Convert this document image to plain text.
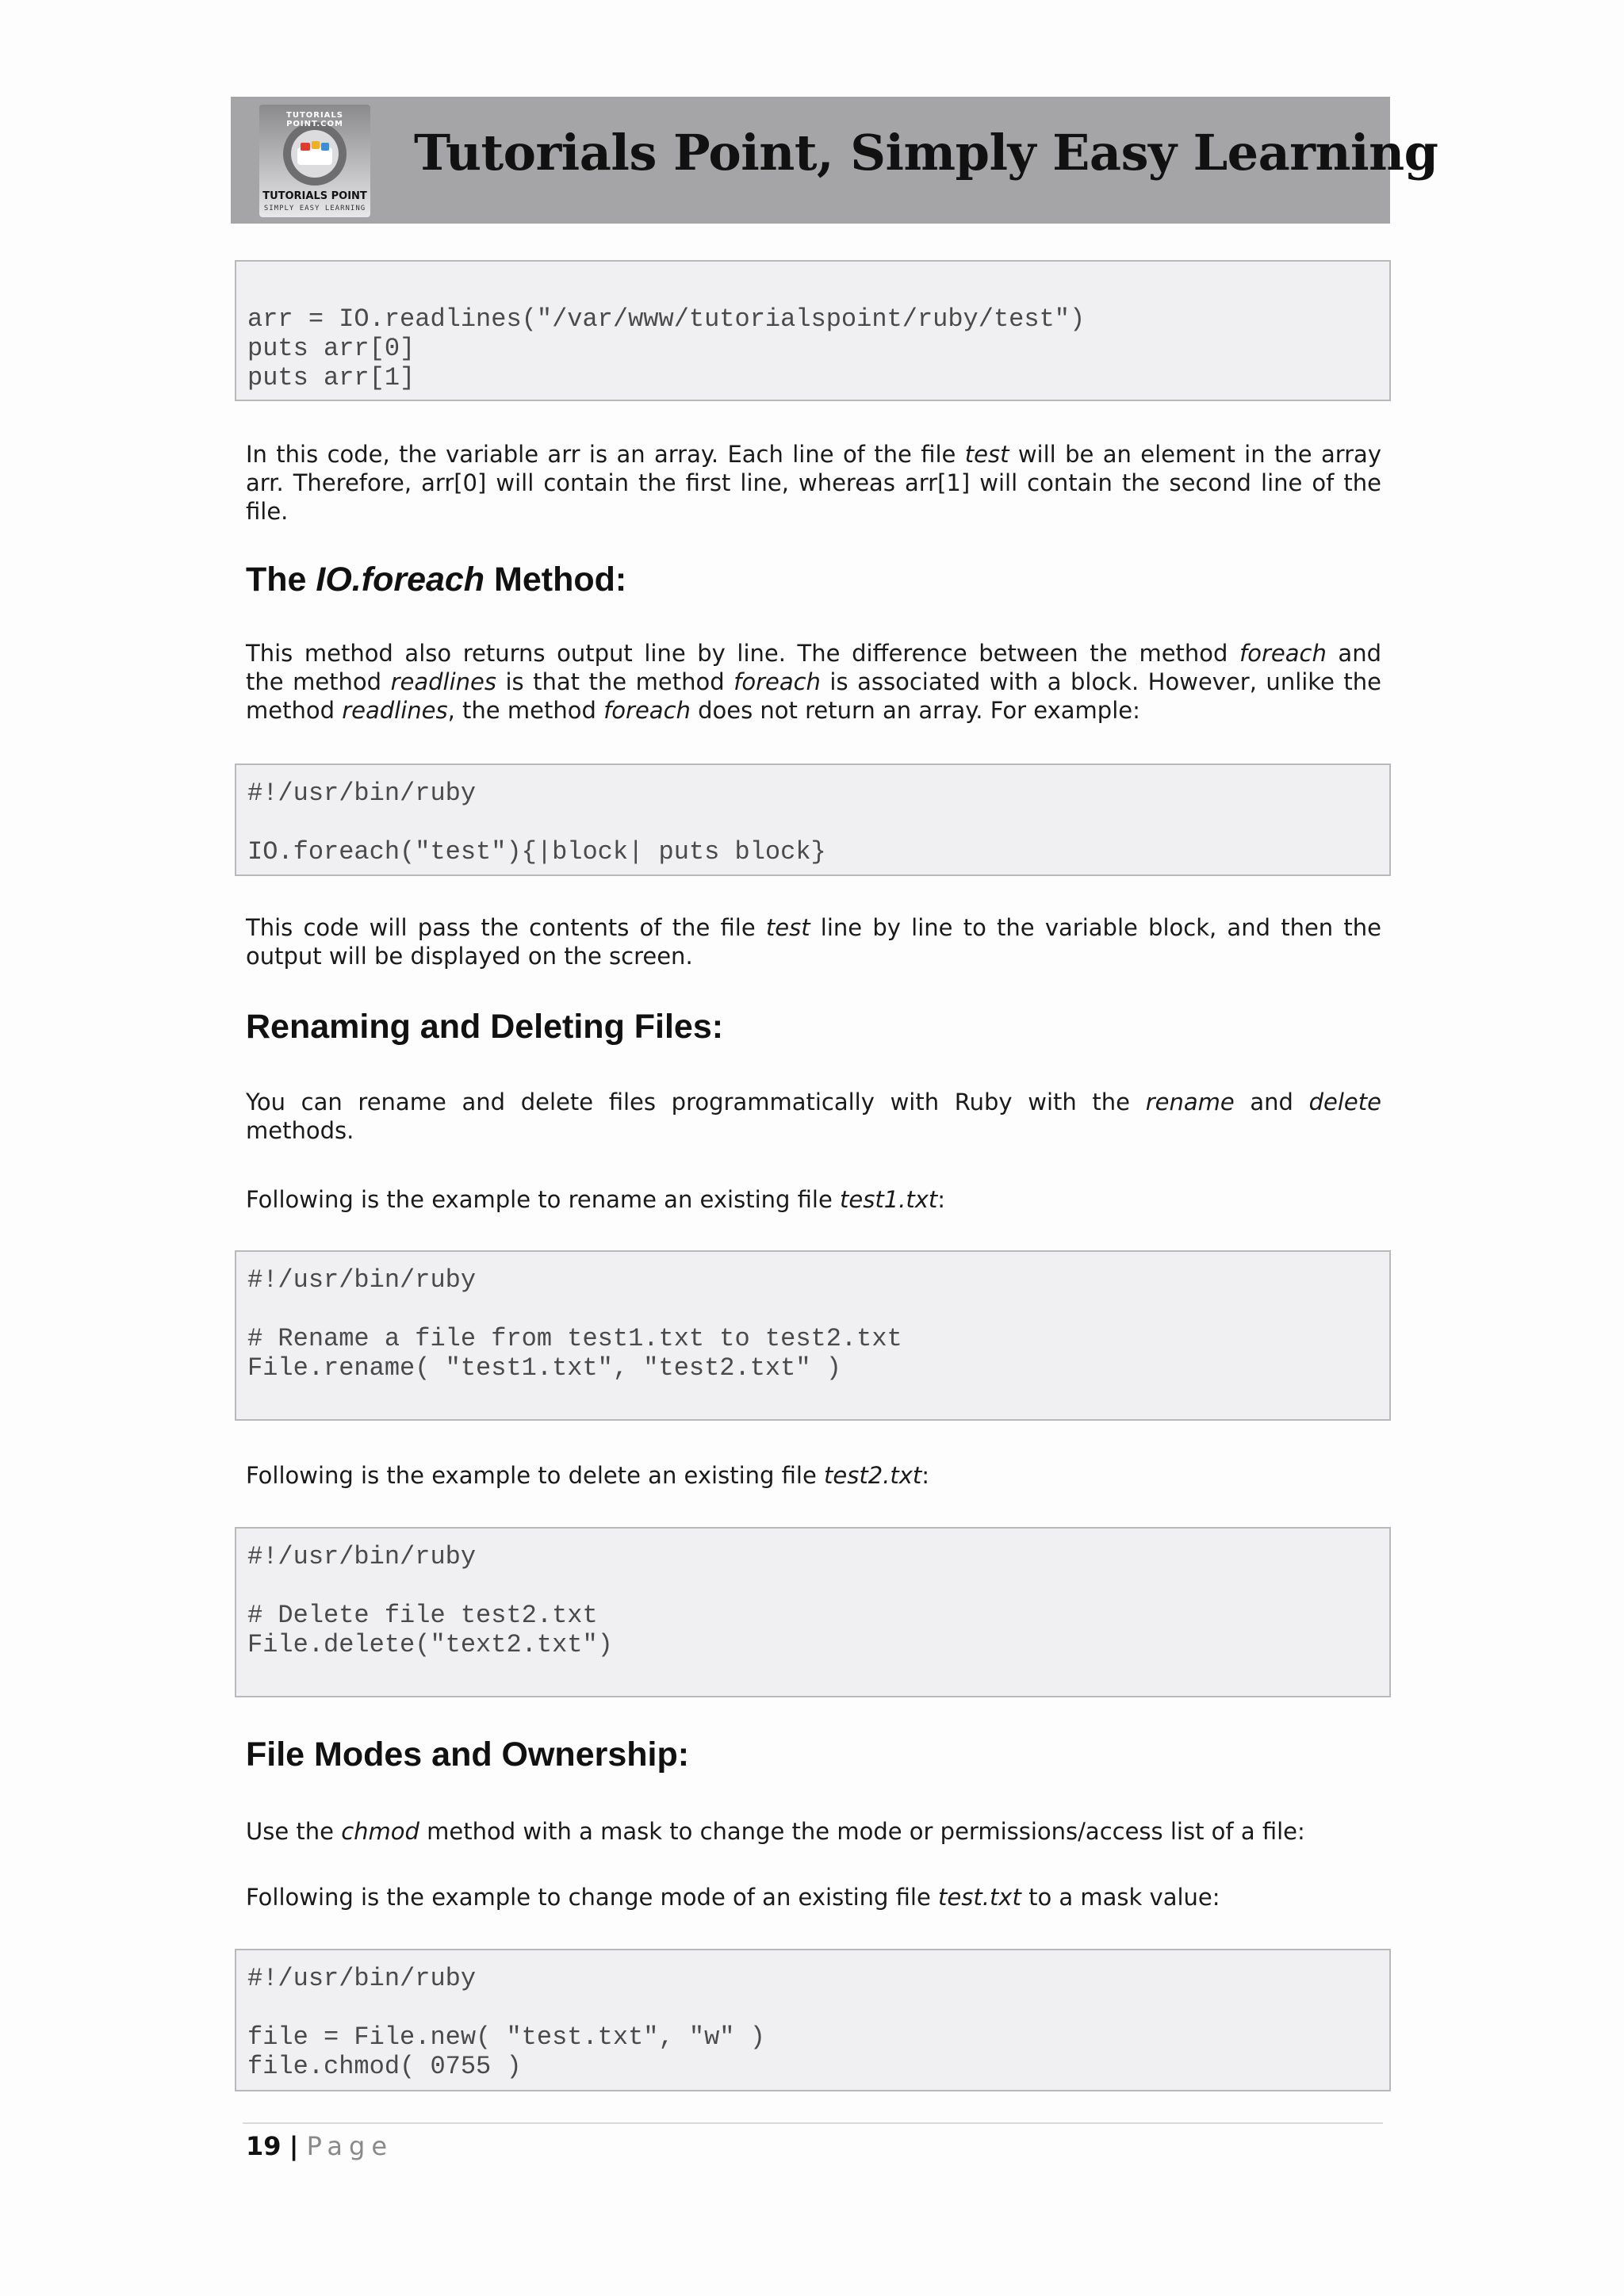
TUTORIALS POINT.COM
TUTORIALS POINT
SIMPLY EASY LEARNING
Tutorials Point, Simply Easy Learning
arr = IO.readlines("/var/www/tutorialspoint/ruby/test")
puts arr[0]
puts arr[1]
In this code, the variable arr is an array. Each line of the file test will be an element in the array
arr. Therefore, arr[0] will contain the first line, whereas arr[1] will contain the second line of the
file.
The IO.foreach Method:
This method also returns output line by line. The difference between the method foreach and
the method readlines is that the method foreach is associated with a block. However, unlike the
method readlines, the method foreach does not return an array. For example:
#!/usr/bin/ruby

IO.foreach("test"){|block| puts block}
This code will pass the contents of the file test line by line to the variable block, and then the
output will be displayed on the screen.
Renaming and Deleting Files:
You can rename and delete files programmatically with Ruby with the rename and delete
methods.
Following is the example to rename an existing file test1.txt:
#!/usr/bin/ruby

# Rename a file from test1.txt to test2.txt
File.rename( "test1.txt", "test2.txt" )
Following is the example to delete an existing file test2.txt:
#!/usr/bin/ruby

# Delete file test2.txt
File.delete("text2.txt")
File Modes and Ownership:
Use the chmod method with a mask to change the mode or permissions/access list of a file:
Following is the example to change mode of an existing file test.txt to a mask value:
#!/usr/bin/ruby

file = File.new( "test.txt", "w" )
file.chmod( 0755 )
19 | Page
